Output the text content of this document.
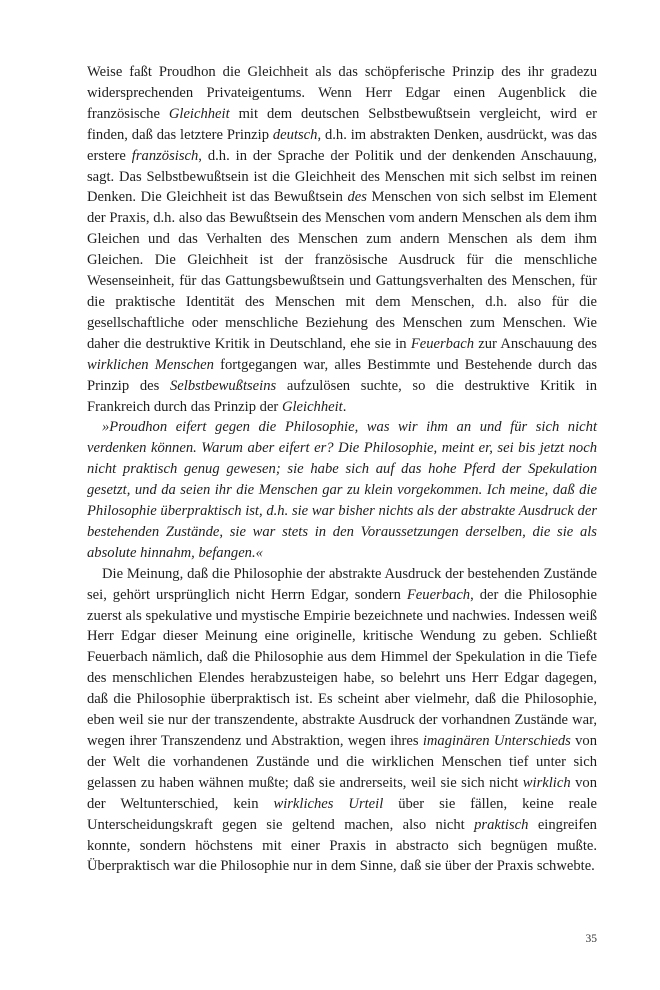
Weise faßt Proudhon die Gleichheit als das schöpferische Prinzip des ihr gradezu widersprechenden Privateigentums. Wenn Herr Edgar einen Augenblick die französische Gleichheit mit dem deutschen Selbstbewußtsein vergleicht, wird er finden, daß das letztere Prinzip deutsch, d.h. im abstrakten Denken, ausdrückt, was das erstere französisch, d.h. in der Sprache der Politik und der denkenden Anschauung, sagt. Das Selbstbewußtsein ist die Gleichheit des Menschen mit sich selbst im reinen Denken. Die Gleichheit ist das Bewußtsein des Menschen von sich selbst im Element der Praxis, d.h. also das Bewußtsein des Menschen vom andern Menschen als dem ihm Gleichen und das Verhalten des Menschen zum andern Menschen als dem ihm Gleichen. Die Gleichheit ist der französische Ausdruck für die menschliche Wesenseinheit, für das Gattungsbewußtsein und Gattungsverhalten des Menschen, für die praktische Identität des Menschen mit dem Menschen, d.h. also für die gesellschaftliche oder menschliche Beziehung des Menschen zum Menschen. Wie daher die destruktive Kritik in Deutschland, ehe sie in Feuerbach zur Anschauung des wirklichen Menschen fortgegangen war, alles Bestimmte und Bestehende durch das Prinzip des Selbstbewußtseins aufzulösen suchte, so die destruktive Kritik in Frankreich durch das Prinzip der Gleichheit.

»Proudhon eifert gegen die Philosophie, was wir ihm an und für sich nicht verdenken können. Warum aber eifert er? Die Philosophie, meint er, sei bis jetzt noch nicht praktisch genug gewesen; sie habe sich auf das hohe Pferd der Spekulation gesetzt, und da seien ihr die Menschen gar zu klein vorgekommen. Ich meine, daß die Philosophie überpraktisch ist, d.h. sie war bisher nichts als der abstrakte Ausdruck der bestehenden Zustände, sie war stets in den Voraussetzungen derselben, die sie als absolute hinnahm, befangen.«

Die Meinung, daß die Philosophie der abstrakte Ausdruck der bestehenden Zustände sei, gehört ursprünglich nicht Herrn Edgar, sondern Feuerbach, der die Philosophie zuerst als spekulative und mystische Empirie bezeichnete und nachwies. Indessen weiß Herr Edgar dieser Meinung eine originelle, kritische Wendung zu geben. Schließt Feuerbach nämlich, daß die Philosophie aus dem Himmel der Spekulation in die Tiefe des menschlichen Elendes herabzusteigen habe, so belehrt uns Herr Edgar dagegen, daß die Philosophie überpraktisch ist. Es scheint aber vielmehr, daß die Philosophie, eben weil sie nur der transzendente, abstrakte Ausdruck der vorhandnen Zustände war, wegen ihrer Transzendenz und Abstraktion, wegen ihres imaginären Unterschieds von der Welt die vorhandenen Zustände und die wirklichen Menschen tief unter sich gelassen zu haben wähnen mußte; daß sie andrerseits, weil sie sich nicht wirklich von der Weltunterschied, kein wirkliches Urteil über sie fällen, keine reale Unterscheidungskraft gegen sie geltend machen, also nicht praktisch eingreifen konnte, sondern höchstens mit einer Praxis in abstracto sich begnügen mußte. Überpraktisch war die Philosophie nur in dem Sinne, daß sie über der Praxis schwebte.

35
